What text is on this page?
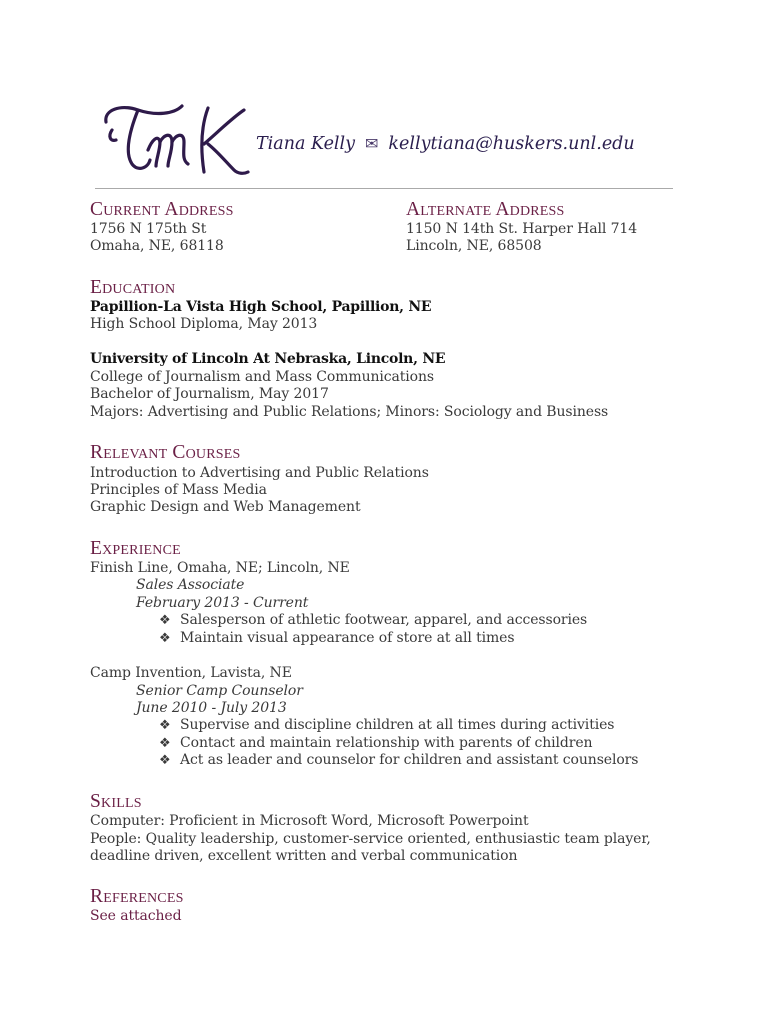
Tiana Kelly ✉ kellytiana@huskers.unl.edu
Current Address
1756 N 175th St
Omaha, NE, 68118
Alternate Address
1150 N 14th St. Harper Hall 714
Lincoln, NE, 68508
Education
Papillion-La Vista High School, Papillion, NE
High School Diploma, May 2013
University of Lincoln At Nebraska, Lincoln, NE
College of Journalism and Mass Communications
Bachelor of Journalism, May 2017
Majors: Advertising and Public Relations; Minors: Sociology and Business
Relevant Courses
Introduction to Advertising and Public Relations
Principles of Mass Media
Graphic Design and Web Management
Experience
Finish Line, Omaha, NE; Lincoln, NE
Sales Associate
February 2013 - Current
❖ Salesperson of athletic footwear, apparel, and accessories
❖ Maintain visual appearance of store at all times
Camp Invention, Lavista, NE
Senior Camp Counselor
June 2010 - July 2013
❖ Supervise and discipline children at all times during activities
❖ Contact and maintain relationship with parents of children
❖ Act as leader and counselor for children and assistant counselors
Skills
Computer: Proficient in Microsoft Word, Microsoft Powerpoint
People: Quality leadership, customer-service oriented, enthusiastic team player,
deadline driven, excellent written and verbal communication
References
See attached
